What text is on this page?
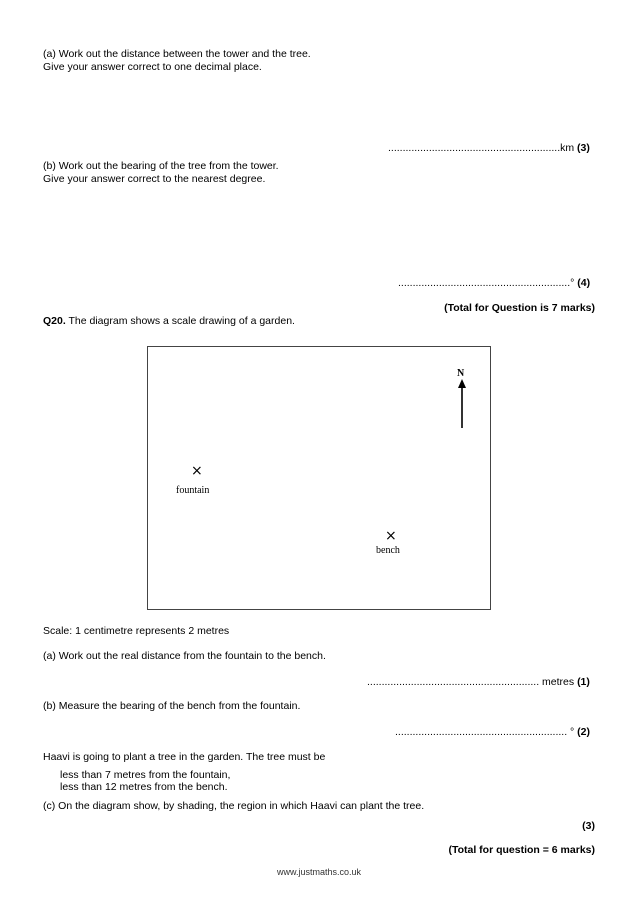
(a) Work out the distance between the tower and the tree.
Give your answer correct to one decimal place.
...........................................................km (3)
(b) Work out the bearing of the tree from the tower.
Give your answer correct to the nearest degree.
...........................................................° (4)
(Total for Question is 7 marks)
Q20. The diagram shows a scale drawing of a garden.
N
×
fountain
×
bench
Scale: 1 centimetre represents 2 metres
(a) Work out the real distance from the fountain to the bench.
........................................................... metres (1)
(b) Measure the bearing of the bench from the fountain.
........................................................... ° (2)
Haavi is going to plant a tree in the garden. The tree must be
less than 7 metres from the fountain,
less than 12 metres from the bench.
(c) On the diagram show, by shading, the region in which Haavi can plant the tree.
(3)
(Total for question = 6 marks)
www.justmaths.co.uk
